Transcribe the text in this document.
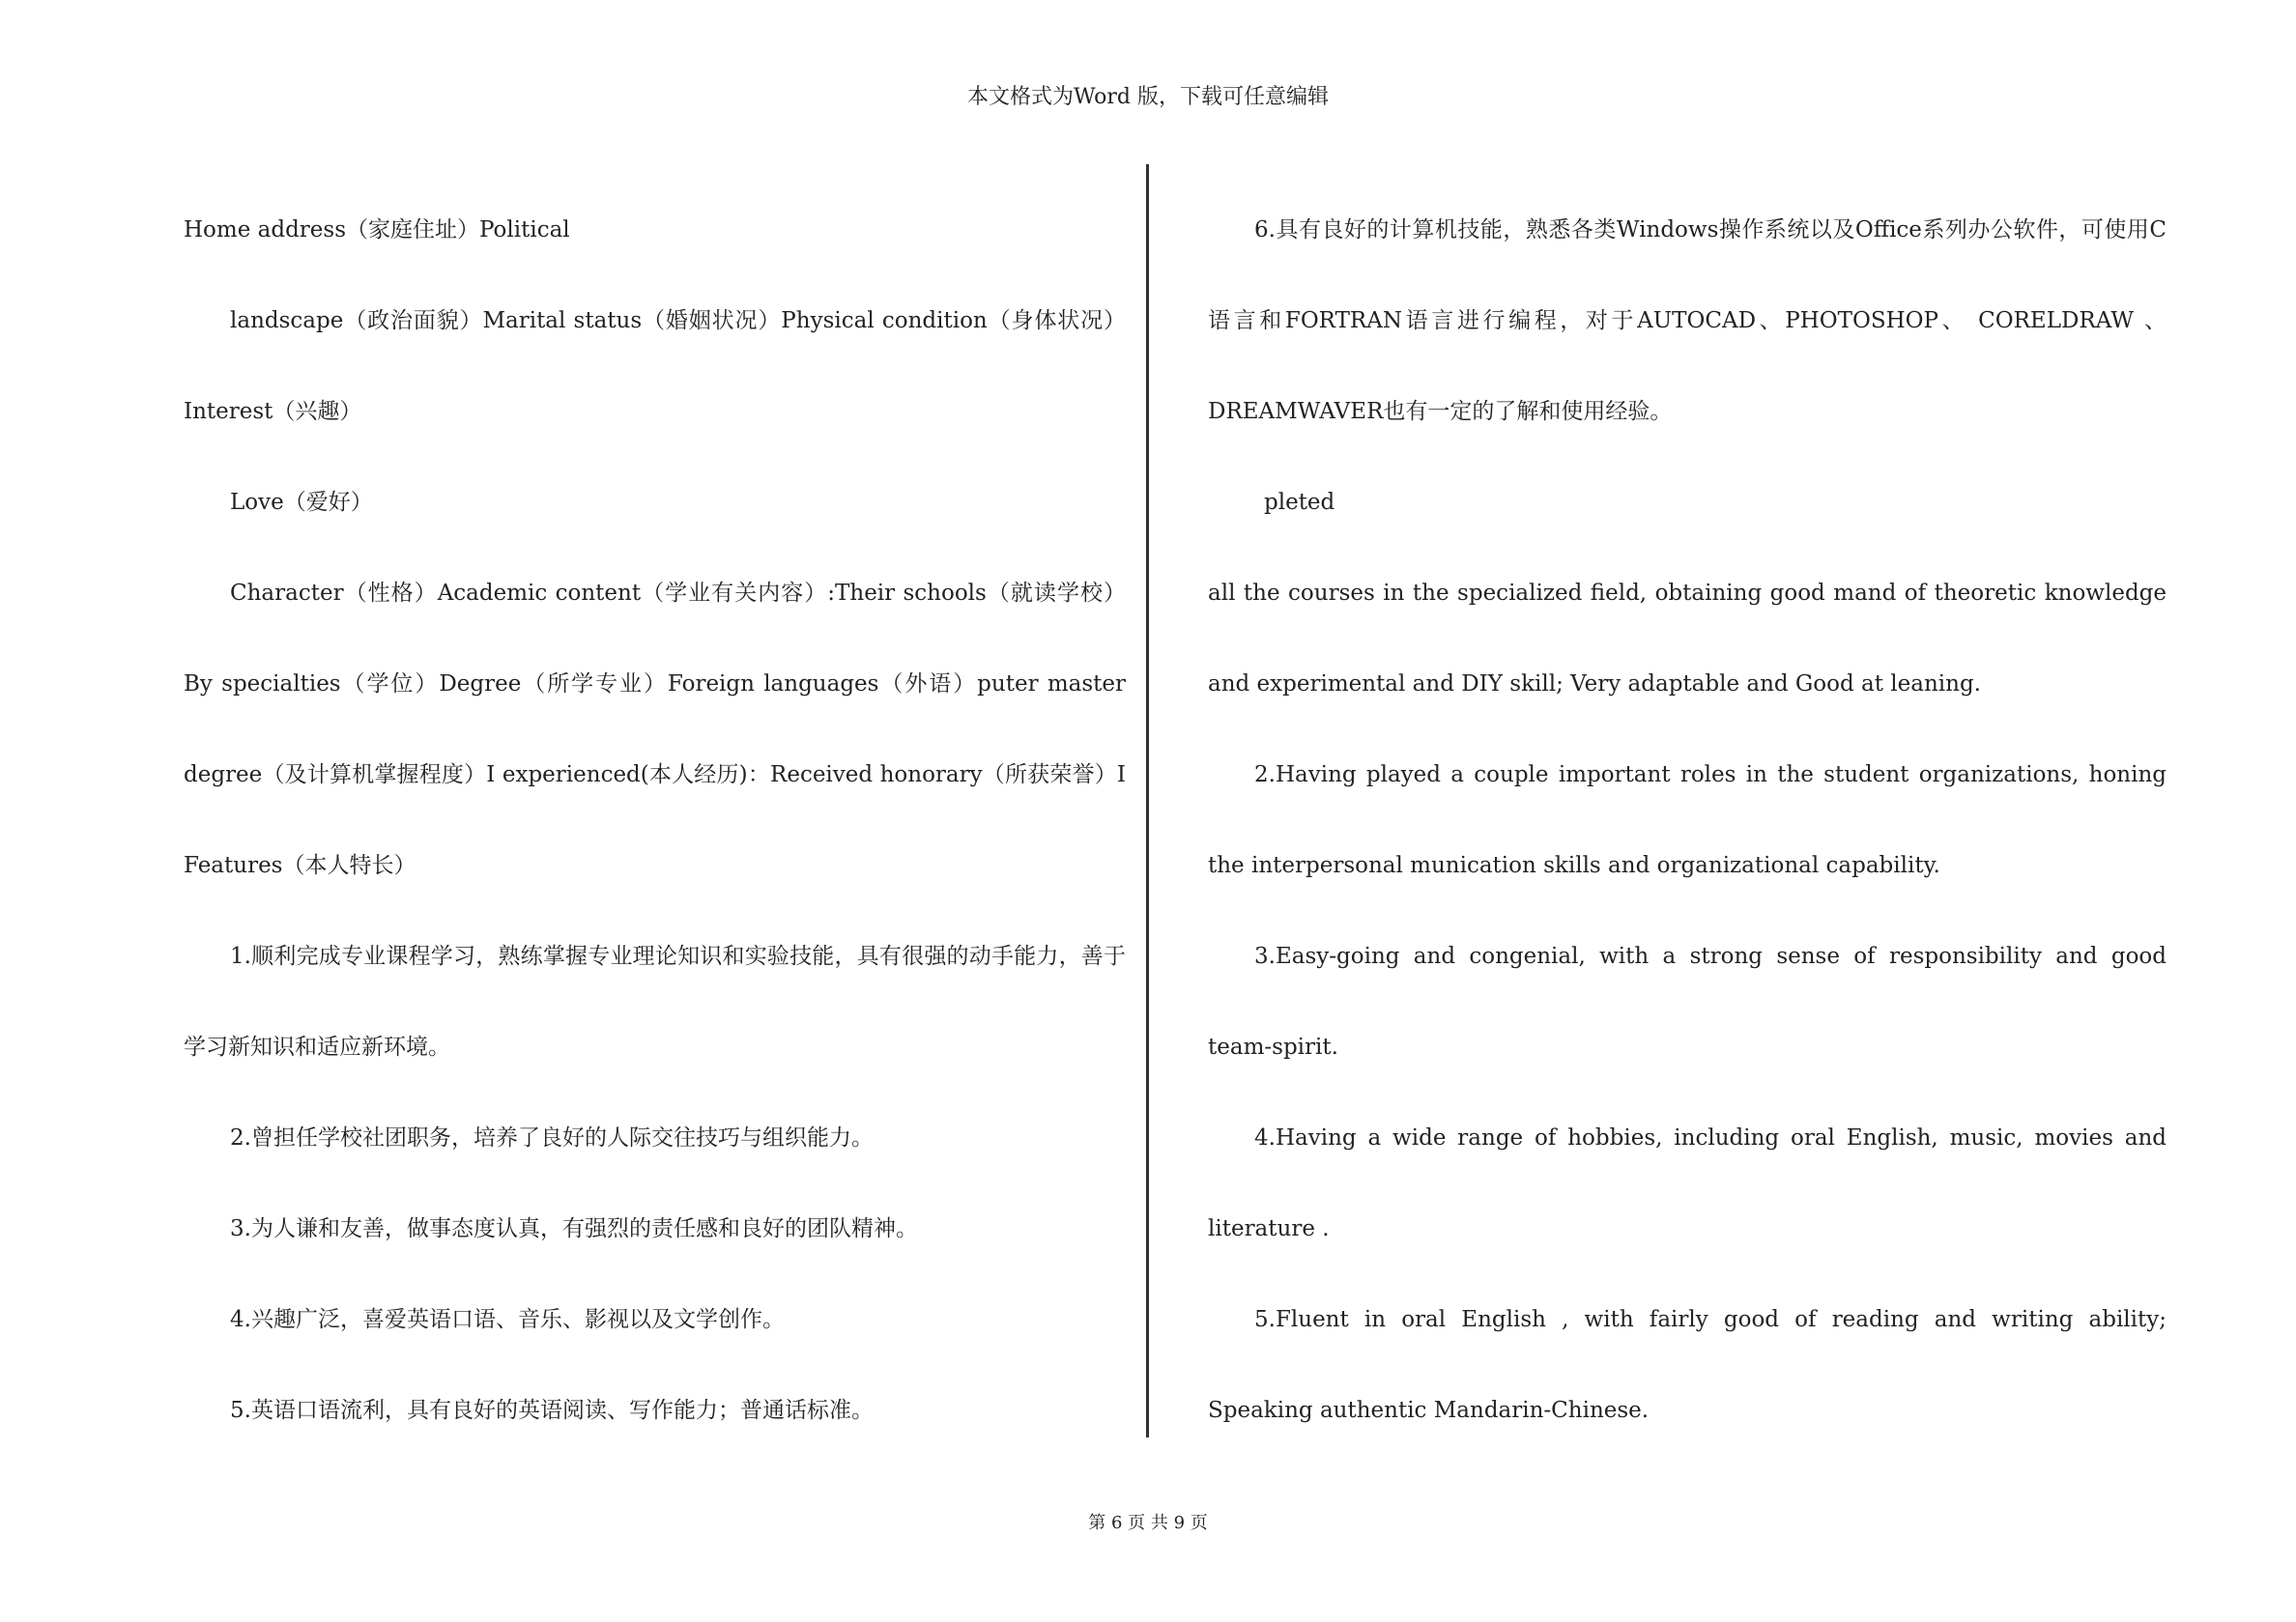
本文格式为Word 版，下载可任意编辑
Home address（家庭住址）Political
landscape（政治面貌）Marital status（婚姻状况）Physical condition（身体状况）Interest（兴趣）
Love（爱好）
Character（性格）Academic content（学业有关内容）:Their schools（就读学校）By specialties（学位）Degree（所学专业）Foreign languages（外语）puter master degree（及计算机掌握程度）I experienced(本人经历)：Received honorary（所获荣誉）I Features（本人特长）
1.顺利完成专业课程学习，熟练掌握专业理论知识和实验技能，具有很强的动手能力，善于学习新知识和适应新环境。
2.曾担任学校社团职务，培养了良好的人际交往技巧与组织能力。
3.为人谦和友善，做事态度认真，有强烈的责任感和良好的团队精神。
4.兴趣广泛，喜爱英语口语、音乐、影视以及文学创作。
5.英语口语流利，具有良好的英语阅读、写作能力；普通话标准。
6.具有良好的计算机技能，熟悉各类Windows操作系统以及Office系列办公软件，可使用C语言和FORTRAN语言进行编程，对于AUTOCAD、PHOTOSHOP、 CORELDRAW 、DREAMWAVER也有一定的了解和使用经验。
pleted
all the courses in the specialized field, obtaining good mand of theoretic knowledge and experimental and DIY skill; Very adaptable and Good at leaning.
2.Having played a couple important roles in the student organizations, honing the interpersonal munication skills and organizational capability.
3.Easy-going and congenial, with a strong sense of responsibility and good team-spirit.
4.Having a wide range of hobbies, including oral English, music, movies and literature .
5.Fluent in oral English , with fairly good of reading and writing ability; Speaking authentic Mandarin-Chinese.
第 6 页 共 9 页
